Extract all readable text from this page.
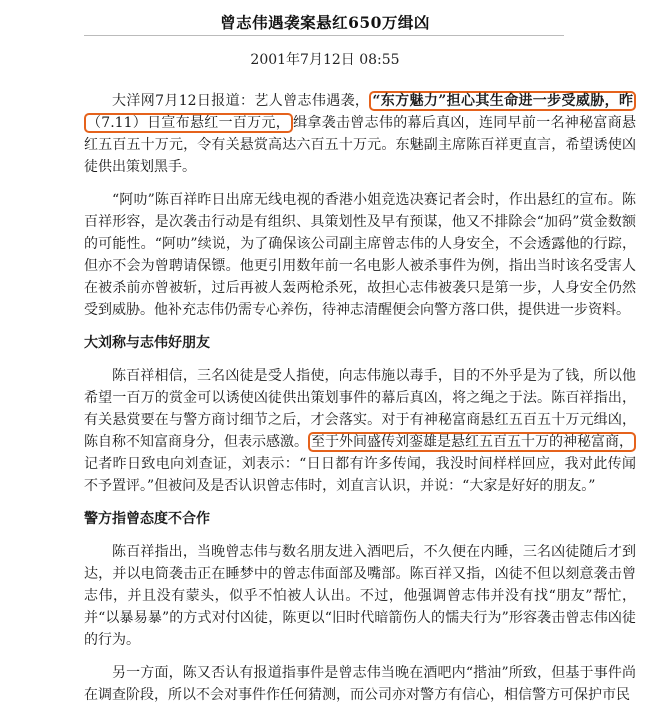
曾志伟遇袭案悬红650万缉凶
2001年7月12日 08:55

大洋网7月12日报道：艺人曾志伟遇袭， “东方魅力”担心其生命进一步受威胁，昨（7.11）日宣布悬红一百万元， 缉拿袭击曾志伟的幕后真凶，连同早前一名神秘富商悬红五百五十万元，令有关悬赏高达六百五十万元。东魅副主席陈百祥更直言，希望诱使凶徒供出策划黑手。

“阿叻”陈百祥昨日出席无线电视的香港小姐竞选决赛记者会时，作出悬红的宣布。陈百祥形容，是次袭击行动是有组织、具策划性及早有预谋，他又不排除会“加码”赏金数额的可能性。“阿叻”续说，为了确保该公司副主席曾志伟的人身安全，不会透露他的行踪，但亦不会为曾聘请保镖。他更引用数年前一名电影人被杀事件为例，指出当时该名受害人在被杀前亦曾被斩，过后再被人轰两枪杀死，故担心志伟被袭只是第一步，人身安全仍然受到威胁。他补充志伟仍需专心养伤，待神志清醒便会向警方落口供，提供进一步资料。

大刘称与志伟好朋友

陈百祥相信，三名凶徒是受人指使，向志伟施以毒手，目的不外乎是为了钱，所以他希望一百万的赏金可以诱使凶徒供出策划事件的幕后真凶，将之绳之于法。陈百祥指出，有关悬赏要在与警方商讨细节之后，才会落实。对于有神秘富商悬红五百五十万元缉凶，陈自称不知富商身分，但表示感激。 至于外间盛传刘銮雄是悬红五百五十万的神秘富商，记者昨日致电向刘查证，刘表示：“日日都有许多传闻，我没时间样样回应，我对此传闻不予置评。”但被问及是否认识曾志伟时，刘直言认识，并说：“大家是好好的朋友。”

警方指曾态度不合作

陈百祥指出，当晚曾志伟与数名朋友进入酒吧后，不久便在内睡，三名凶徒随后才到达，并以电筒袭击正在睡梦中的曾志伟面部及嘴部。陈百祥又指，凶徒不但以刻意袭击曾志伟，并且没有蒙头，似乎不怕被人认出。不过，他强调曾志伟并没有找“朋友”帮忙，并“以暴易暴”的方式对付凶徒，陈更以“旧时代暗箭伤人的懦夫行为”形容袭击曾志伟凶徒的行为。

另一方面，陈又否认有报道指事件是曾志伟当晚在酒吧内“揩油”所致，但基于事件尚在调查阶段，所以不会对事件作任何猜测，而公司亦对警方有信心，相信警方可保护市民
